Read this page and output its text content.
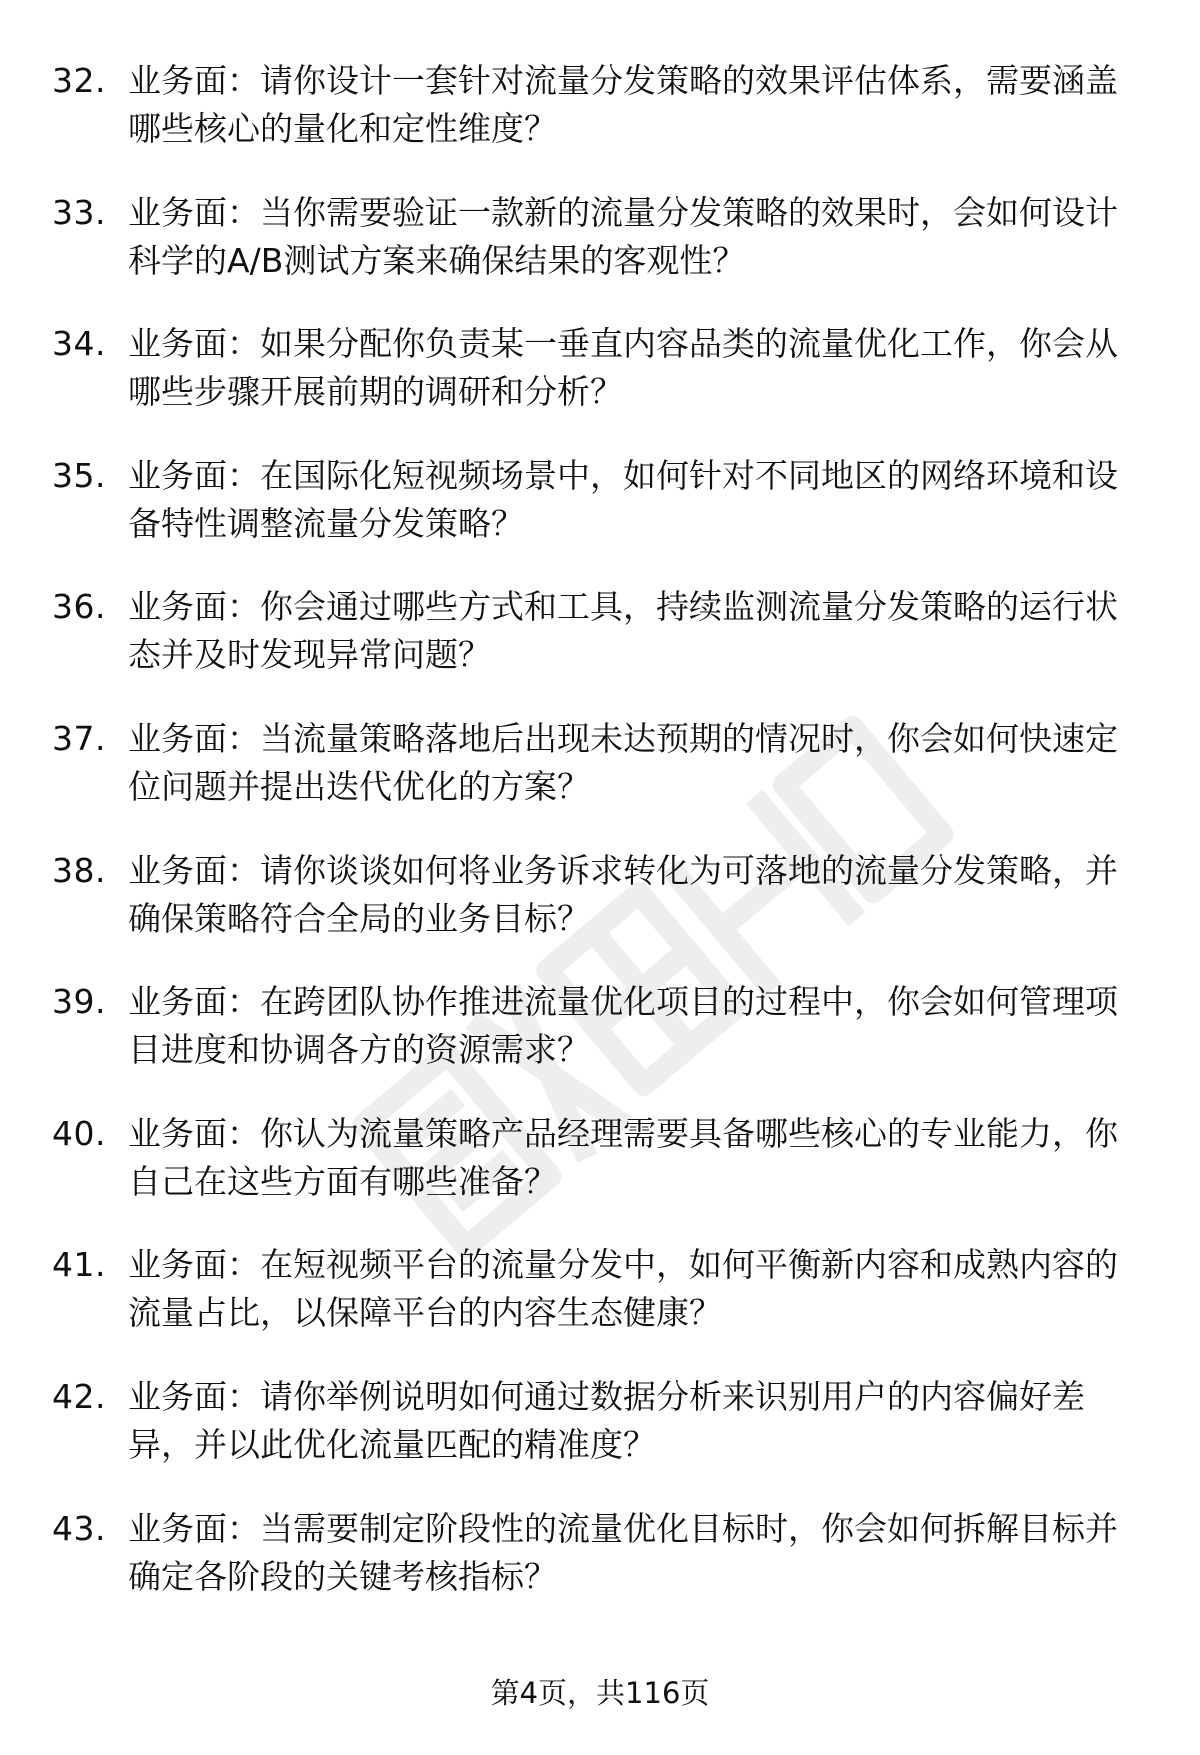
32. 业务面：请你设计一套针对流量分发策略的效果评估体系，需要涵盖哪些核心的量化和定性维度？
33. 业务面：当你需要验证一款新的流量分发策略的效果时，会如何设计科学的A/B测试方案来确保结果的客观性？
34. 业务面：如果分配你负责某一垂直内容品类的流量优化工作，你会从哪些步骤开展前期的调研和分析？
35. 业务面：在国际化短视频场景中，如何针对不同地区的网络环境和设备特性调整流量分发策略？
36. 业务面：你会通过哪些方式和工具，持续监测流量分发策略的运行状态并及时发现异常问题？
37. 业务面：当流量策略落地后出现未达预期的情况时，你会如何快速定位问题并提出迭代优化的方案？
38. 业务面：请你谈谈如何将业务诉求转化为可落地的流量分发策略，并确保策略符合全局的业务目标？
39. 业务面：在跨团队协作推进流量优化项目的过程中，你会如何管理项目进度和协调各方的资源需求？
40. 业务面：你认为流量策略产品经理需要具备哪些核心的专业能力，你自己在这些方面有哪些准备？
41. 业务面：在短视频平台的流量分发中，如何平衡新内容和成熟内容的流量占比，以保障平台的内容生态健康？
42. 业务面：请你举例说明如何通过数据分析来识别用户的内容偏好差异，并以此优化流量匹配的精准度？
43. 业务面：当需要制定阶段性的流量优化目标时，你会如何拆解目标并确定各阶段的关键考核指标？
第4页，共116页
